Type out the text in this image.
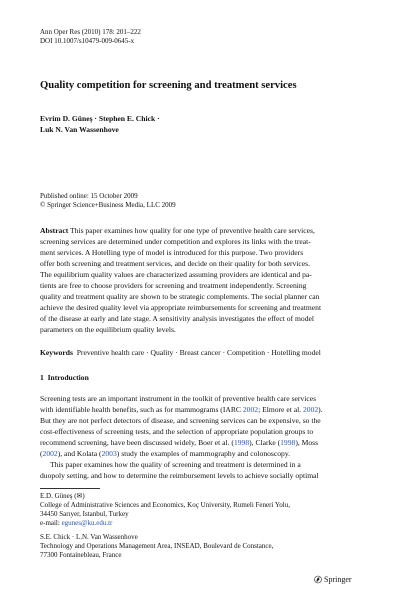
Ann Oper Res (2010) 178: 201–222
DOI 10.1007/s10479-009-0645-x
Quality competition for screening and treatment services
Evrim D. Güneş · Stephen E. Chick ·
Luk N. Van Wassenhove
Published online: 15 October 2009
© Springer Science+Business Media, LLC 2009
Abstract This paper examines how quality for one type of preventive health care services,
screening services are determined under competition and explores its links with the treat-
ment services. A Hotelling type of model is introduced for this purpose. Two providers
offer both screening and treatment services, and decide on their quality for both services.
The equilibrium quality values are characterized assuming providers are identical and pa-
tients are free to choose providers for screening and treatment independently. Screening
quality and treatment quality are shown to be strategic complements. The social planner can
achieve the desired quality level via appropriate reimbursements for screening and treatment
of the disease at early and late stage. A sensitivity analysis investigates the effect of model
parameters on the equilibrium quality levels.
Keywords Preventive health care · Quality · Breast cancer · Competition · Hotelling model
1 Introduction
Screening tests are an important instrument in the toolkit of preventive health care services
with identifiable health benefits, such as for mammograms (IARC 2002; Elmore et al. 2002).
But they are not perfect detectors of disease, and screening services can be expensive, so the
cost-effectiveness of screening tests, and the selection of appropriate population groups to
recommend screening, have been discussed widely, Boer et al. (1998), Clarke (1998), Moss
(2002), and Kolata (2003) study the examples of mammography and colonoscopy.
This paper examines how the quality of screening and treatment is determined in a
duopoly setting, and how to determine the reimbursement levels to achieve socially optimal
E.D. Güneş (✉)
College of Administrative Sciences and Economics, Koç University, Rumeli Feneri Yolu,
34450 Sarıyer, Istanbul, Turkey
e-mail: egunes@ku.edu.tr
S.E. Chick · L.N. Van Wassenhove
Technology and Operations Management Area, INSEAD, Boulevard de Constance,
77300 Fontainebleau, France
Springer
